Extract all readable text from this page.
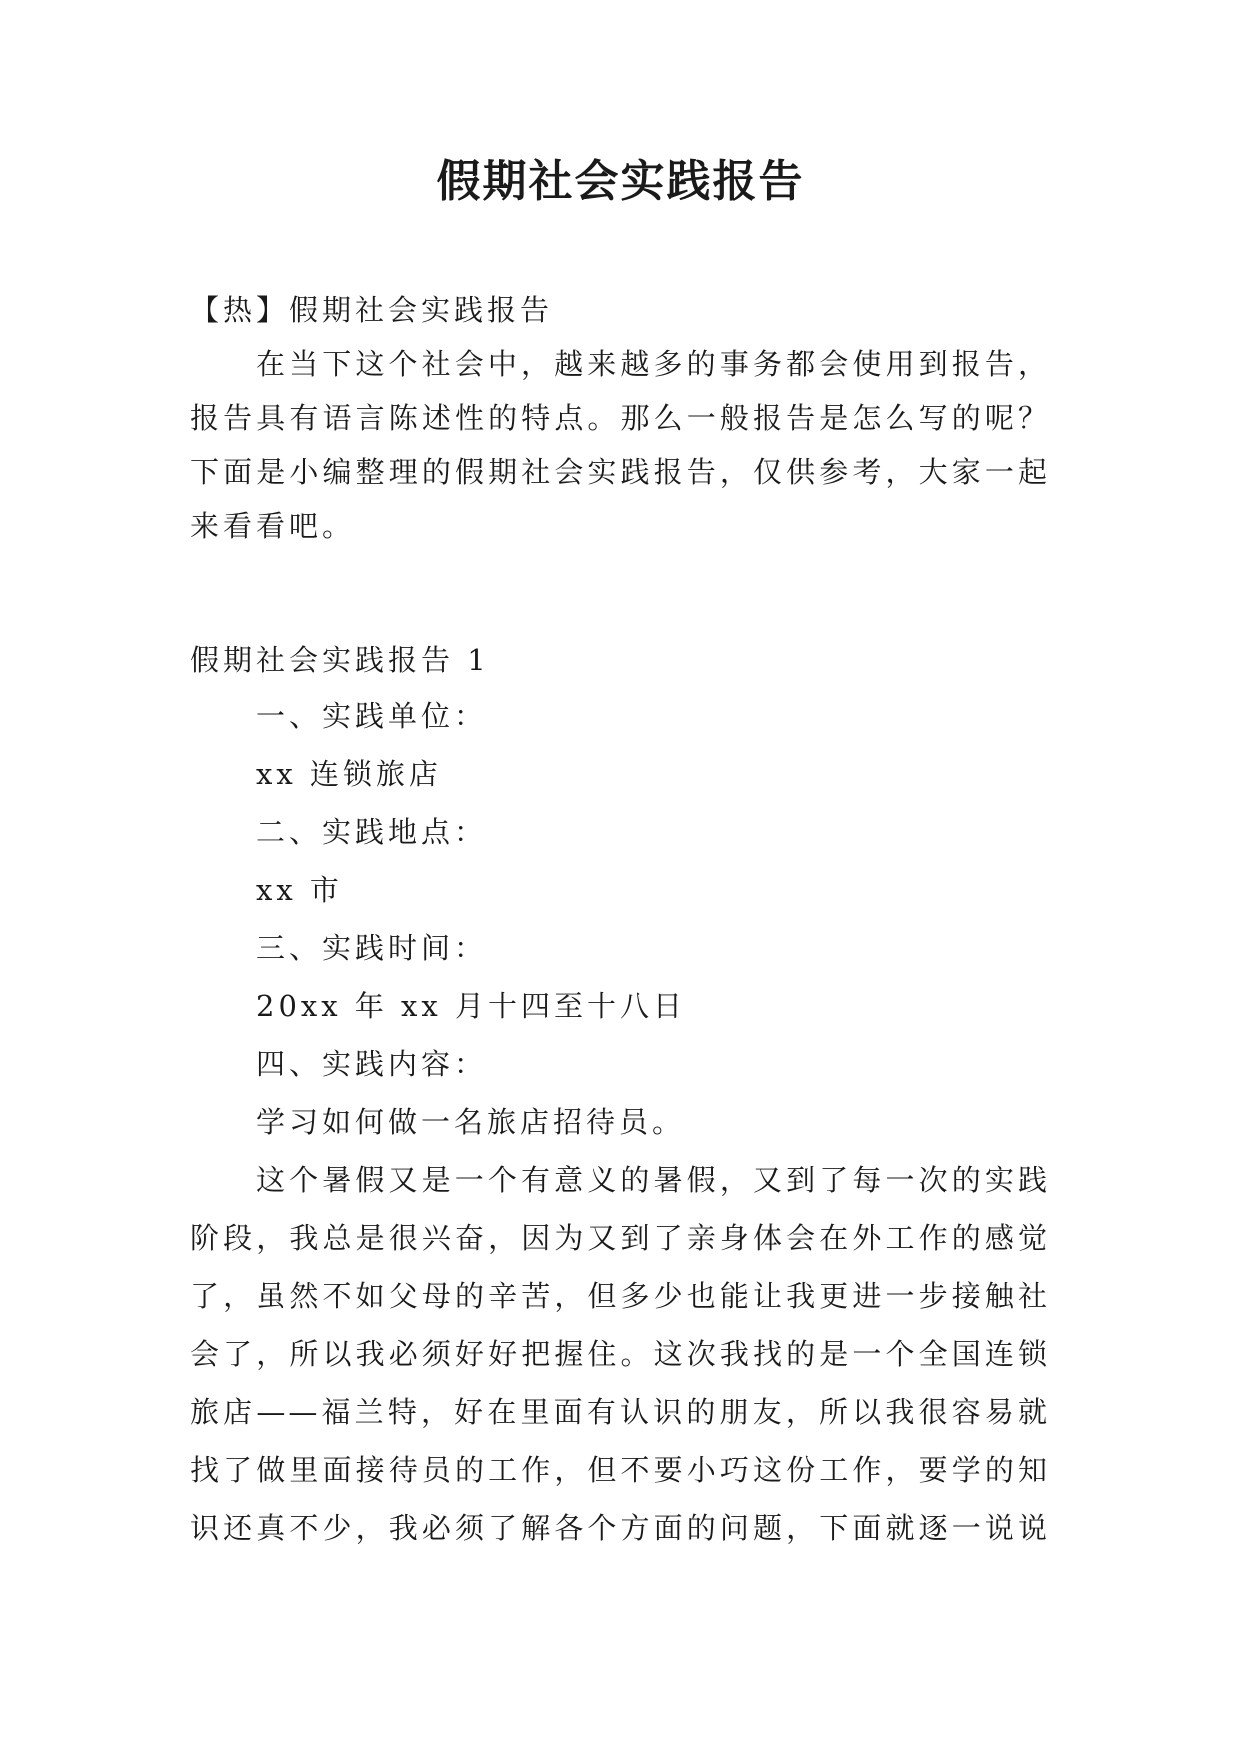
假期社会实践报告
【热】假期社会实践报告
在当下这个社会中，越来越多的事务都会使用到报告，
报告具有语言陈述性的特点。那么一般报告是怎么写的呢？
下面是小编整理的假期社会实践报告，仅供参考，大家一起
来看看吧。
假期社会实践报告 1
一、实践单位：
xx 连锁旅店
二、实践地点：
xx 市
三、实践时间：
20xx 年 xx 月十四至十八日
四、实践内容：
学习如何做一名旅店招待员。
这个暑假又是一个有意义的暑假，又到了每一次的实践
阶段，我总是很兴奋，因为又到了亲身体会在外工作的感觉
了，虽然不如父母的辛苦，但多少也能让我更进一步接触社
会了，所以我必须好好把握住。这次我找的是一个全国连锁
旅店——福兰特，好在里面有认识的朋友，所以我很容易就
找了做里面接待员的工作，但不要小巧这份工作，要学的知
识还真不少，我必须了解各个方面的问题，下面就逐一说说
